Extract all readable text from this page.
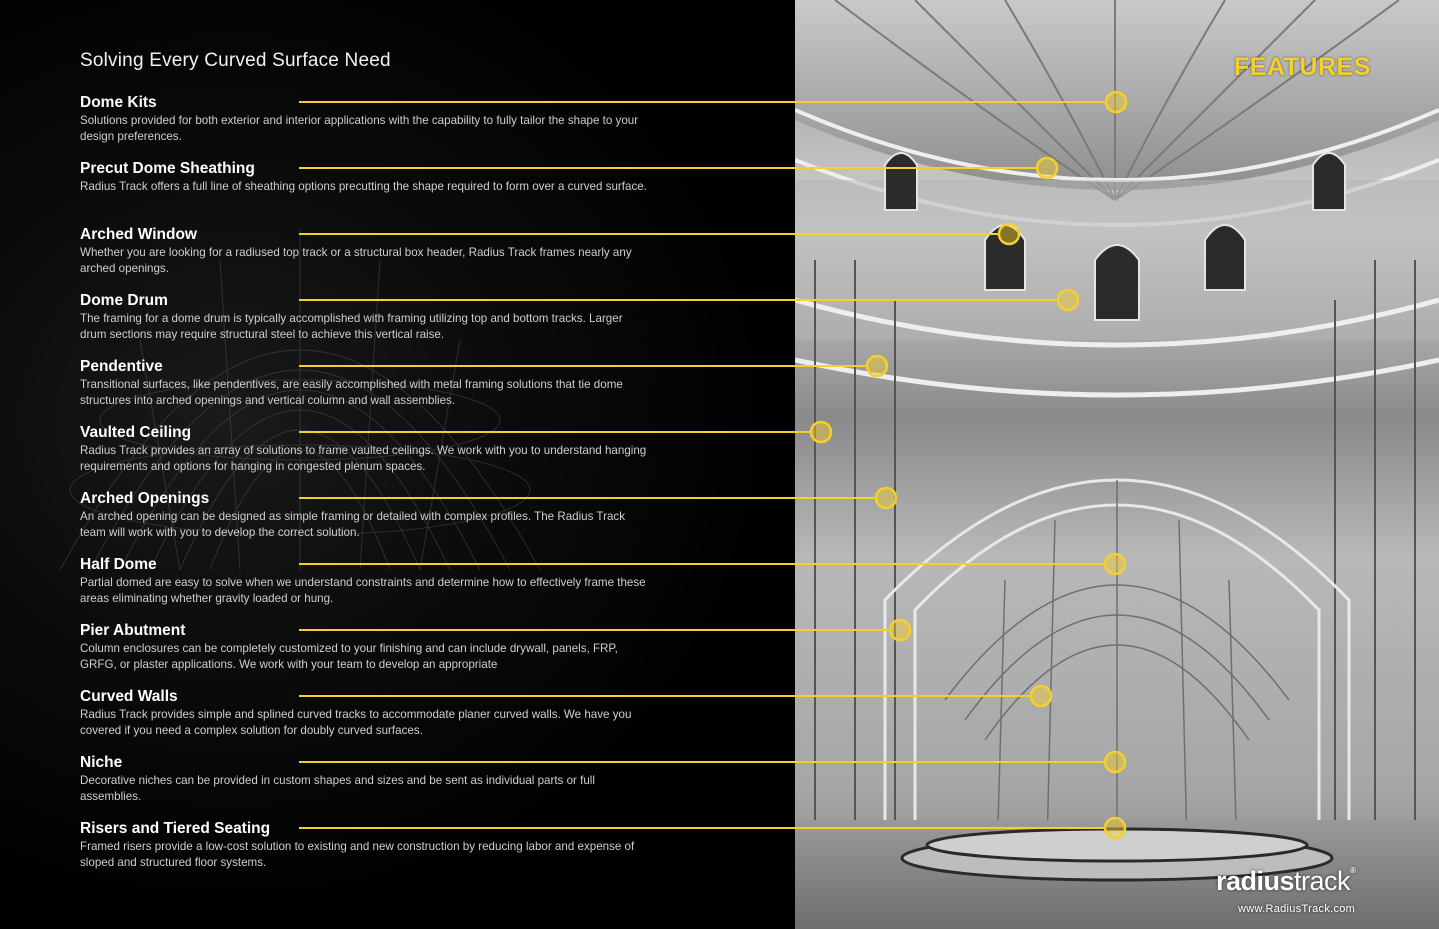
Solving Every Curved Surface Need
Dome Kits
Solutions provided for both exterior and interior applications with the capability to fully tailor the shape to your design preferences.
Precut Dome Sheathing
Radius Track offers a full line of sheathing options precutting the shape required to form over a curved surface.
Arched Window
Whether you are looking for a radiused top track or a structural box header, Radius Track frames nearly any arched openings.
Dome Drum
The framing for a dome drum is typically accomplished with framing utilizing top and bottom tracks. Larger drum sections may require structural steel to achieve this vertical raise.
Pendentive
Transitional surfaces, like pendentives, are easily accomplished with metal framing solutions that tie dome structures into arched openings and vertical column and wall assemblies.
Vaulted Ceiling
Radius Track provides an array of solutions to frame vaulted ceilings. We work with you to understand hanging requirements and options for hanging in congested plenum spaces.
Arched Openings
An arched opening can be designed as simple framing or detailed with complex profiles. The Radius Track team will work with you to develop the correct solution.
Half Dome
Partial domed are easy to solve when we understand constraints and determine how to effectively frame these areas eliminating whether gravity loaded or hung.
Pier Abutment
Column enclosures can be completely customized to your finishing and can include drywall, panels, FRP, GRFG, or plaster applications. We work with your team to develop an appropriate
Curved Walls
Radius Track provides simple and splined curved tracks to accommodate planer curved walls. We have you covered if you need a complex solution for doubly curved surfaces.
Niche
Decorative niches can be provided in custom shapes and sizes and be sent as individual parts or full assemblies.
Risers and Tiered Seating
Framed risers provide a low-cost solution to existing and new construction by reducing labor and expense of sloped and structured floor systems.
FEATURES
radiustrack®
www.RadiusTrack.com
